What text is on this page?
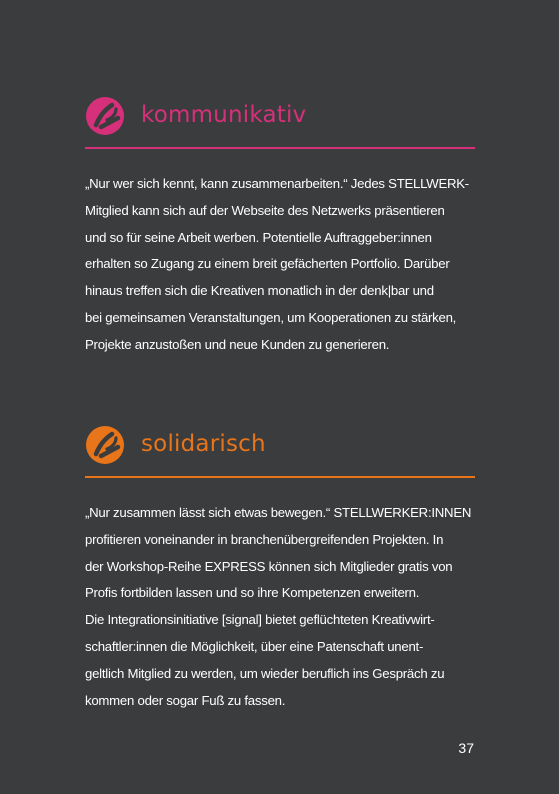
kommunikativ
„Nur wer sich kennt, kann zusammenarbeiten.“ Jedes STELLWERK-
Mitglied kann sich auf der Webseite des Netzwerks präsentieren
und so für seine Arbeit werben. Potentielle Auftraggeber:innen
erhalten so Zugang zu einem breit gefächerten Portfolio. Darüber
hinaus treffen sich die Kreativen monatlich in der denk|bar und
bei gemeinsamen Veranstaltungen, um Kooperationen zu stärken,
Projekte anzustoßen und neue Kunden zu generieren.
solidarisch
„Nur zusammen lässt sich etwas bewegen.“ STELLWERKER:INNEN
profitieren voneinander in branchenübergreifenden Projekten. In
der Workshop-Reihe EXPRESS können sich Mitglieder gratis von
Profis fortbilden lassen und so ihre Kompetenzen erweitern.
Die Integrationsinitiative [signal] bietet geflüchteten Kreativwirt-
schaftler:innen die Möglichkeit, über eine Patenschaft unent-
geltlich Mitglied zu werden, um wieder beruflich ins Gespräch zu
kommen oder sogar Fuß zu fassen.
37
